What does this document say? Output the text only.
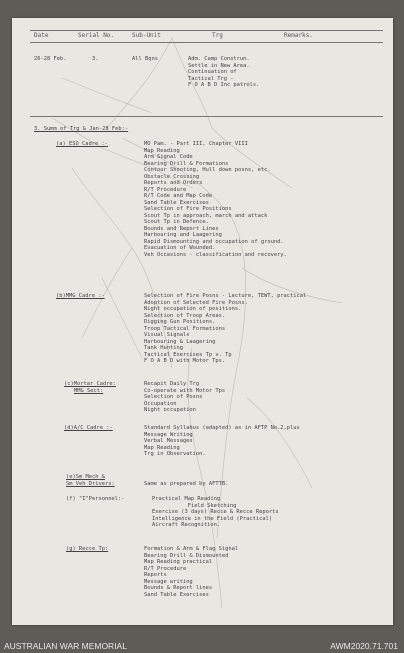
Date	Serial No.	Sub-Unit	Trg	Remarks.
26-28 Feb.	3.	All Bqns	Adm. Camp Construn.
Settle in New Area.
Continuation of
Tactical Trg -
F O A B D Inc patrols.
3. Summ of Trg & Jan-28 Feb:-
(a) ESO Cadre :-	MO Pam. - Part III, Chapter VIII
Map Reading
Arm Signal Code
Bearing Drill & Formations
Contour Shooting, Hull down posns, etc.
Obstacle Crossing
Reports and Orders
R/T Procedure
R/T Code and Map Code
Sand Table Exercises
Selection of Fire Positions
Scout Tp in approach, march and attack
Scout Tp in Defence.
Bounds and Report Lines
Harbouring and Laagering
Rapid Dismounting and occupation of ground.
Evacuation of Wounded.
Veh Occasions - classification and recovery.
(b)MMG Cadre :-	Selection of Fire Posns - Lecture, TEWT, practical
Adoption of Selected Fire Posns.
Night occupation of positions.
Selection of Troop Areas.
Digging Gun Positions.
Troop Tactical Formations
Visual Signals
Harbouring & Laagering
Tank Hunting
Tactical Exercises Tp v. Tp
F O A B D with Motor Tps.
(c)Mortar Cadre:
MMG Sect:
Recapit Daily Trg
Co-operate with Motor Tps
Selection of Posns
Occupation
Night occupation
(d)A/C Cadre :-	Standard Syllabus (adapted) as in AFTP No.2,plus
Message Writing
Verbal Messages
Map Reading
Trg in Observation.
(e)Sm Mech &
Sm Veh Drivers:	Same as prepared by AFTTB.
(f) "I"Personnel:-	Practical Map Reading
Field Sketching
Exercise (3 days) Recce & Recce Reports
Intelligence in the Field (Practical)
Aircraft Recognition.
(g) Recce Tp:	Formation & Arm & Flag Signal
Bearing Drill & Dismounted
Map Reading practical
R/T Procedure
Reports
Message writing
Bounds & Report lines
Sand Table Exercises
AUSTRALIAN WAR MEMORIAL	AWM2020.71.701
